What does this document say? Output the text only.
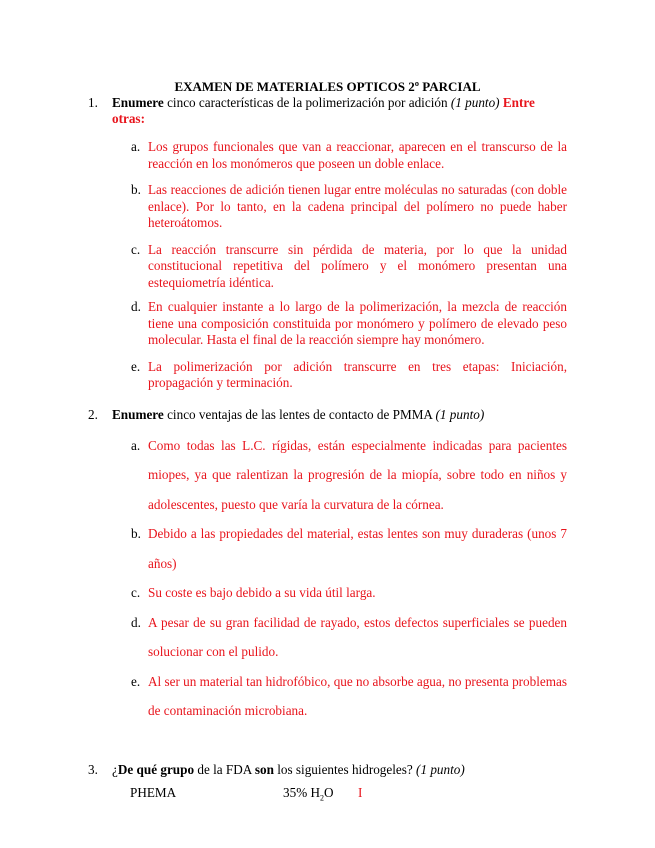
EXAMEN DE MATERIALES OPTICOS 2º PARCIAL
1. Enumere cinco características de la polimerización por adición (1 punto) Entre otras:
a. Los grupos funcionales que van a reaccionar, aparecen en el transcurso de la reacción en los monómeros que poseen un doble enlace.
b. Las reacciones de adición tienen lugar entre moléculas no saturadas (con doble enlace). Por lo tanto, en la cadena principal del polímero no puede haber heteroátomos.
c. La reacción transcurre sin pérdida de materia, por lo que la unidad constitucional repetitiva del polímero y el monómero presentan una estequiometría idéntica.
d. En cualquier instante a lo largo de la polimerización, la mezcla de reacción tiene una composición constituida por monómero y polímero de elevado peso molecular. Hasta el final de la reacción siempre hay monómero.
e. La polimerización por adición transcurre en tres etapas: Iniciación, propagación y terminación.
2. Enumere cinco ventajas de las lentes de contacto de PMMA (1 punto)
a. Como todas las L.C. rígidas, están especialmente indicadas para pacientes miopes, ya que ralentizan la progresión de la miopía, sobre todo en niños y adolescentes, puesto que varía la curvatura de la córnea.
b. Debido a las propiedades del material, estas lentes son muy duraderas (unos 7 años)
c. Su coste es bajo debido a su vida útil larga.
d. A pesar de su gran facilidad de rayado, estos defectos superficiales se pueden solucionar con el pulido.
e. Al ser un material tan hidrofóbico, que no absorbe agua, no presenta problemas de contaminación microbiana.
3. ¿De qué grupo de la FDA son los siguientes hidrogeles? (1 punto)
PHEMA	35% $H_2O$ I
